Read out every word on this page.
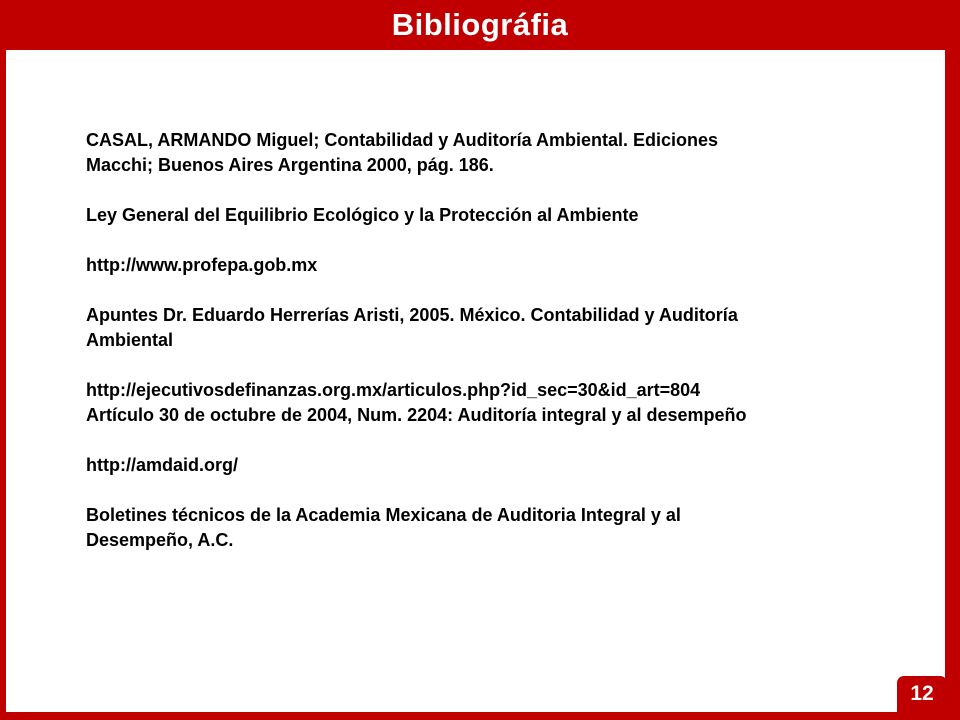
Bibliográfia
CASAL, ARMANDO Miguel; Contabilidad y Auditoría Ambiental. Ediciones
Macchi; Buenos Aires Argentina 2000, pág. 186.
Ley General del Equilibrio Ecológico y la Protección al Ambiente
http://www.profepa.gob.mx
Apuntes Dr. Eduardo Herrerías Aristi, 2005. México. Contabilidad y Auditoría
Ambiental
http://ejecutivosdefinanzas.org.mx/articulos.php?id_sec=30&id_art=804
Artículo 30 de octubre de 2004, Num. 2204: Auditoría integral y al desempeño
http://amdaid.org/
Boletines técnicos de la Academia Mexicana de Auditoria Integral y al
Desempeño, A.C.
12
